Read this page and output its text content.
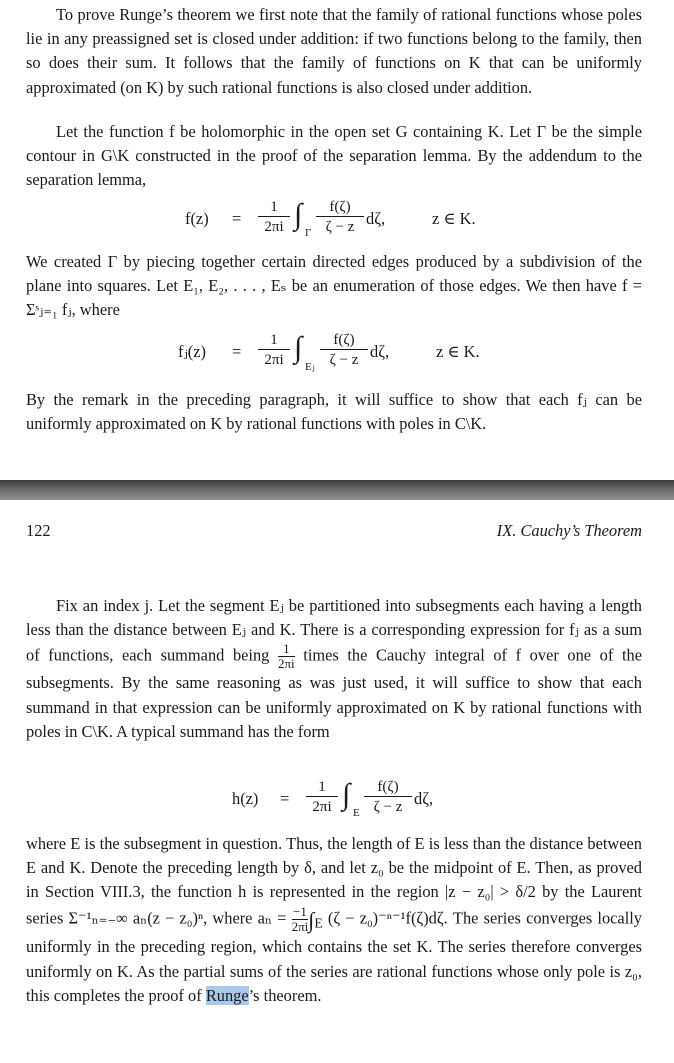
To prove Runge’s theorem we first note that the family of rational functions whose poles lie in any preassigned set is closed under addition: if two functions belong to the family, then so does their sum. It follows that the family of functions on K that can be uniformly approximated (on K) by such rational functions is also closed under addition.

Let the function f be holomorphic in the open set G containing K. Let Γ be the simple contour in G\K constructed in the proof of the separation lemma. By the addendum to the separation lemma,

$f(z) = \frac{1}{2\pi i}$ ∫
Γ $\frac{f(\zeta)}{\zeta - z} d\zeta$,	z ∈ K.

We created Γ by piecing together certain directed edges produced by a subdivision of the plane into squares. Let E₁, E₂, . . . , Eₛ be an enumeration of those edges. We then have f = Σˢⱼ₌₁ fⱼ, where

fⱼ(z) = $\frac{1}{2\pi i}$ ∫
Eⱼ $\frac{f(\zeta)}{\zeta - z} d\zeta$,	z ∈ K.

By the remark in the preceding paragraph, it will suffice to show that each fⱼ can be uniformly approximated on K by rational functions with poles in C\K.

122	IX. Cauchy’s Theorem

Fix an index j. Let the segment Eⱼ be partitioned into subsegments each having a length less than the distance between Eⱼ and K. There is a corresponding expression for fⱼ as a sum of functions, each summand being $\frac{1}{2\pi i}$ times the Cauchy integral of f over one of the subsegments. By the same reasoning as was just used, it will suffice to show that each summand in that expression can be uniformly approximated on K by rational functions with poles in C\K. A typical summand has the form

$h(z) = \frac{1}{2\pi i}$ ∫
E $\frac{f(\zeta)}{\zeta - z} d\zeta$,

where E is the subsegment in question. Thus, the length of E is less than the distance between E and K. Denote the preceding length by δ, and let z₀ be the midpoint of E. Then, as proved in Section VIII.3, the function h is represented in the region |z − z₀| > δ/2 by the Laurent series Σ⁻¹ₙ₌₋∞ aₙ(z − z₀)ⁿ, where $a_n = \frac{-1}{2\pi i} \int_E$ (ζ − z₀)⁻ⁿ⁻¹f(ζ)dζ. The series converges locally uniformly in the preceding region, which contains the set K. The series therefore converges uniformly on K. As the partial sums of the series are rational functions whose only pole is z₀, this completes the proof of Runge’s theorem.
